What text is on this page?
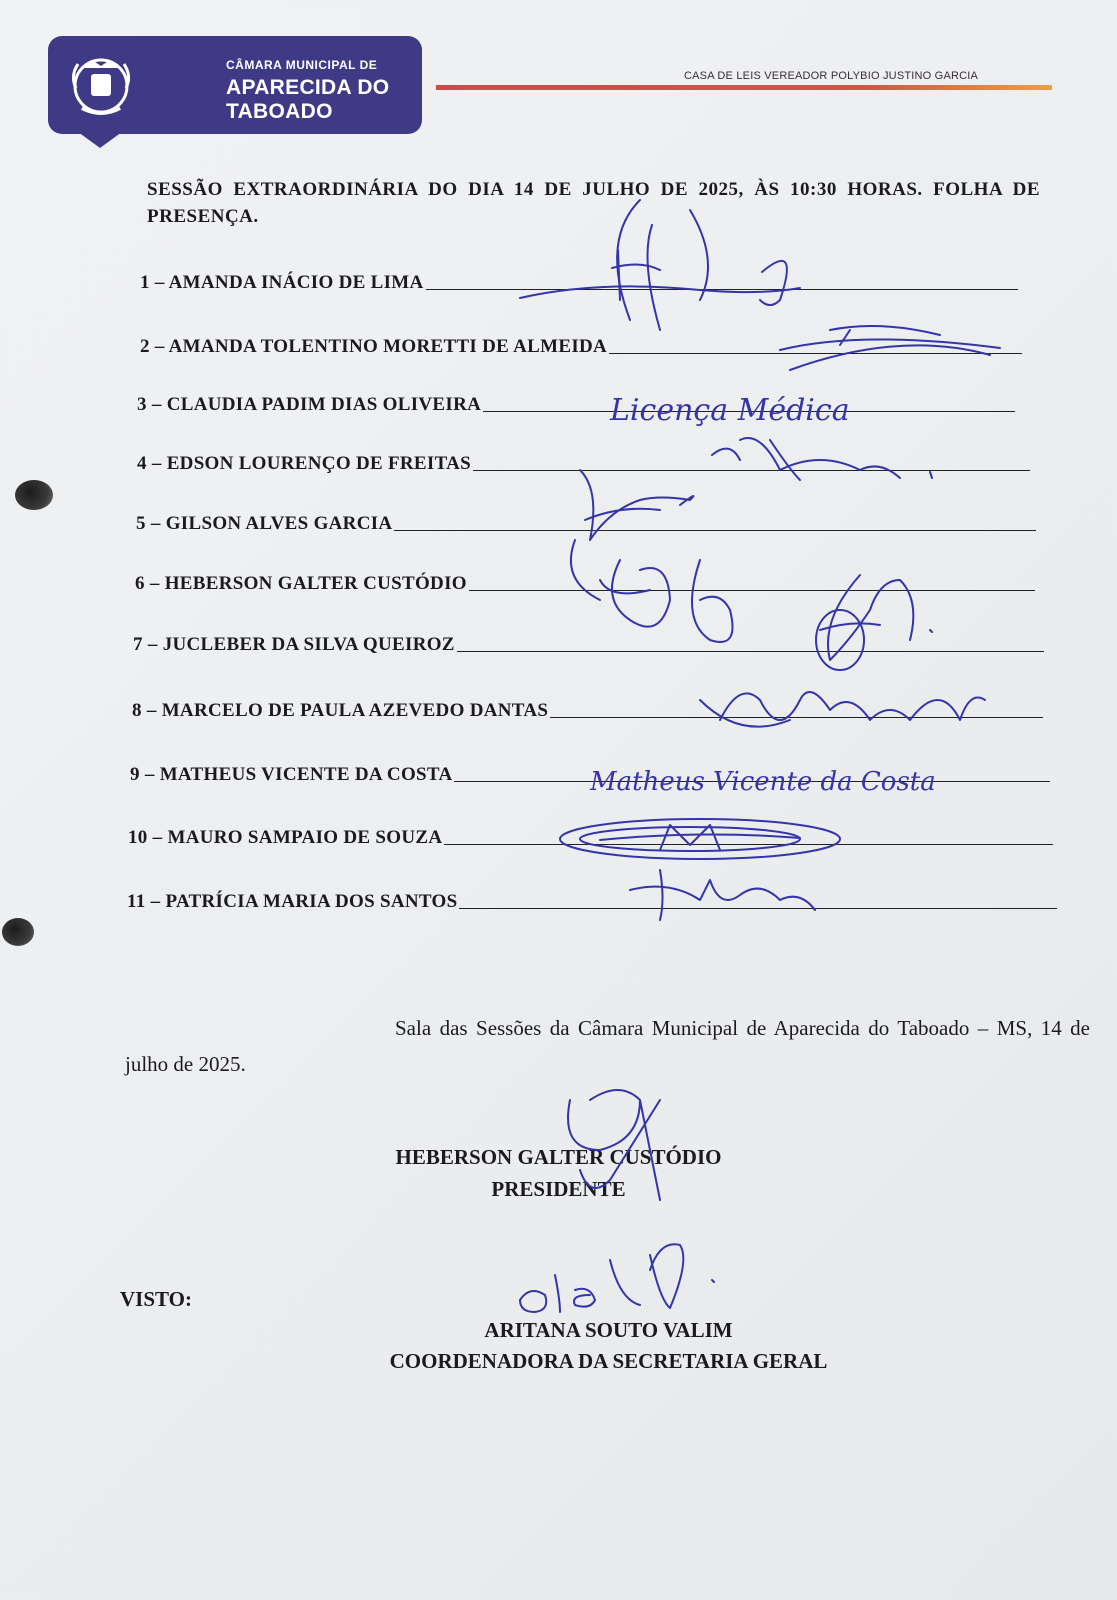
CÂMARA MUNICIPAL DE
APARECIDA DO TABOADO
CASA DE LEIS VEREADOR POLYBIO JUSTINO GARCIA
SESSÃO EXTRAORDINÁRIA DO DIA 14 DE JULHO DE 2025, ÀS 10:30 HORAS. FOLHA DE PRESENÇA.
1 – AMANDA INÁCIO DE LIMA
2 – AMANDA TOLENTINO MORETTI DE ALMEIDA
3 – CLAUDIA PADIM DIAS OLIVEIRA
4 – EDSON LOURENÇO DE FREITAS
5 – GILSON ALVES GARCIA
6 – HEBERSON GALTER CUSTÓDIO
7 – JUCLEBER DA SILVA QUEIROZ
8 – MARCELO DE PAULA AZEVEDO DANTAS
9 – MATHEUS VICENTE DA COSTA
10 – MAURO SAMPAIO DE SOUZA
11 – PATRÍCIA MARIA DOS SANTOS
Sala das Sessões da Câmara Municipal de Aparecida do Taboado – MS, 14 de julho de 2025.
HEBERSON GALTER CUSTÓDIO
PRESIDENTE
VISTO:
ARITANA SOUTO VALIM
COORDENADORA DA SECRETARIA GERAL
Licença Médica
Matheus Vicente da Costa
